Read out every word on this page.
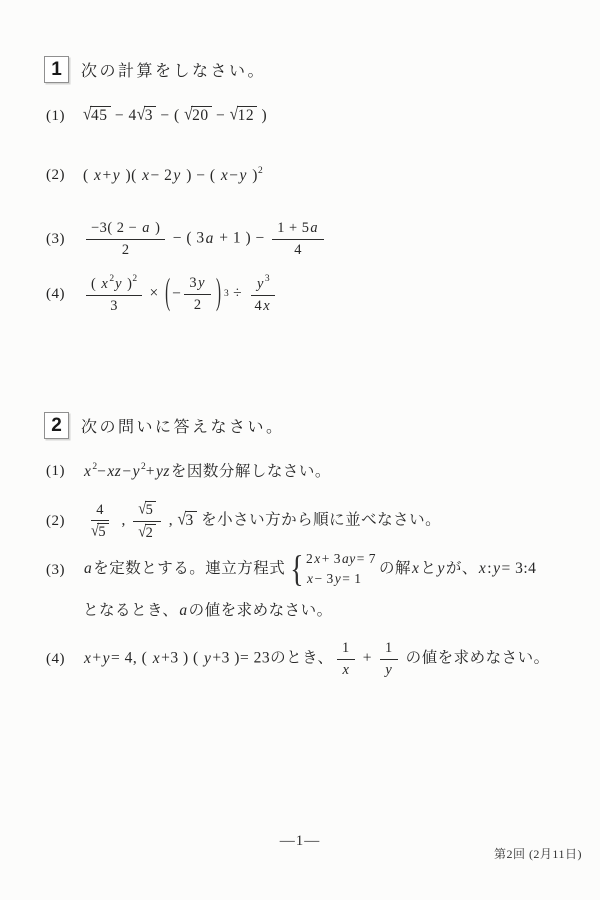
1	次の計算をしなさい。
2	次の問いに答えなさい。
(1)	√45 − 4√3 − ( √20 − √12 )
(2)	( x+y )( x− 2y ) − ( x−y )$^2$
(3)	$\frac{-3( 2 - a )}{2}$ − ( 3a + 1 ) − $\frac{1 + 5a}{4}$
(4)	$\frac{( x^2y )^2}{3}$ × ( − $\frac{3y}{2}$ ) $3 \div \frac{y^3}{4x}$
(1)	$x^2-xz-y^2+yz$を因数分解しなさい。
(2)	$\frac{4}{√5}$ , $\frac{√5}{√2}$ , √3 を小さい方から順に並べなさい。
(3)	aを定数とする。連立方程式 { 2x+ 3ay= 7
x− 3y= 1
の解xとyが、x:y= 3:4
となるとき、aの値を求めなさい。
(4)	x+y= 4, ( x+3 ) ( y+3 )= 23のとき、 $\frac{1}{x} + \frac{1}{y}$ の値を求めなさい。
—1—
第2回 (2月11日)
